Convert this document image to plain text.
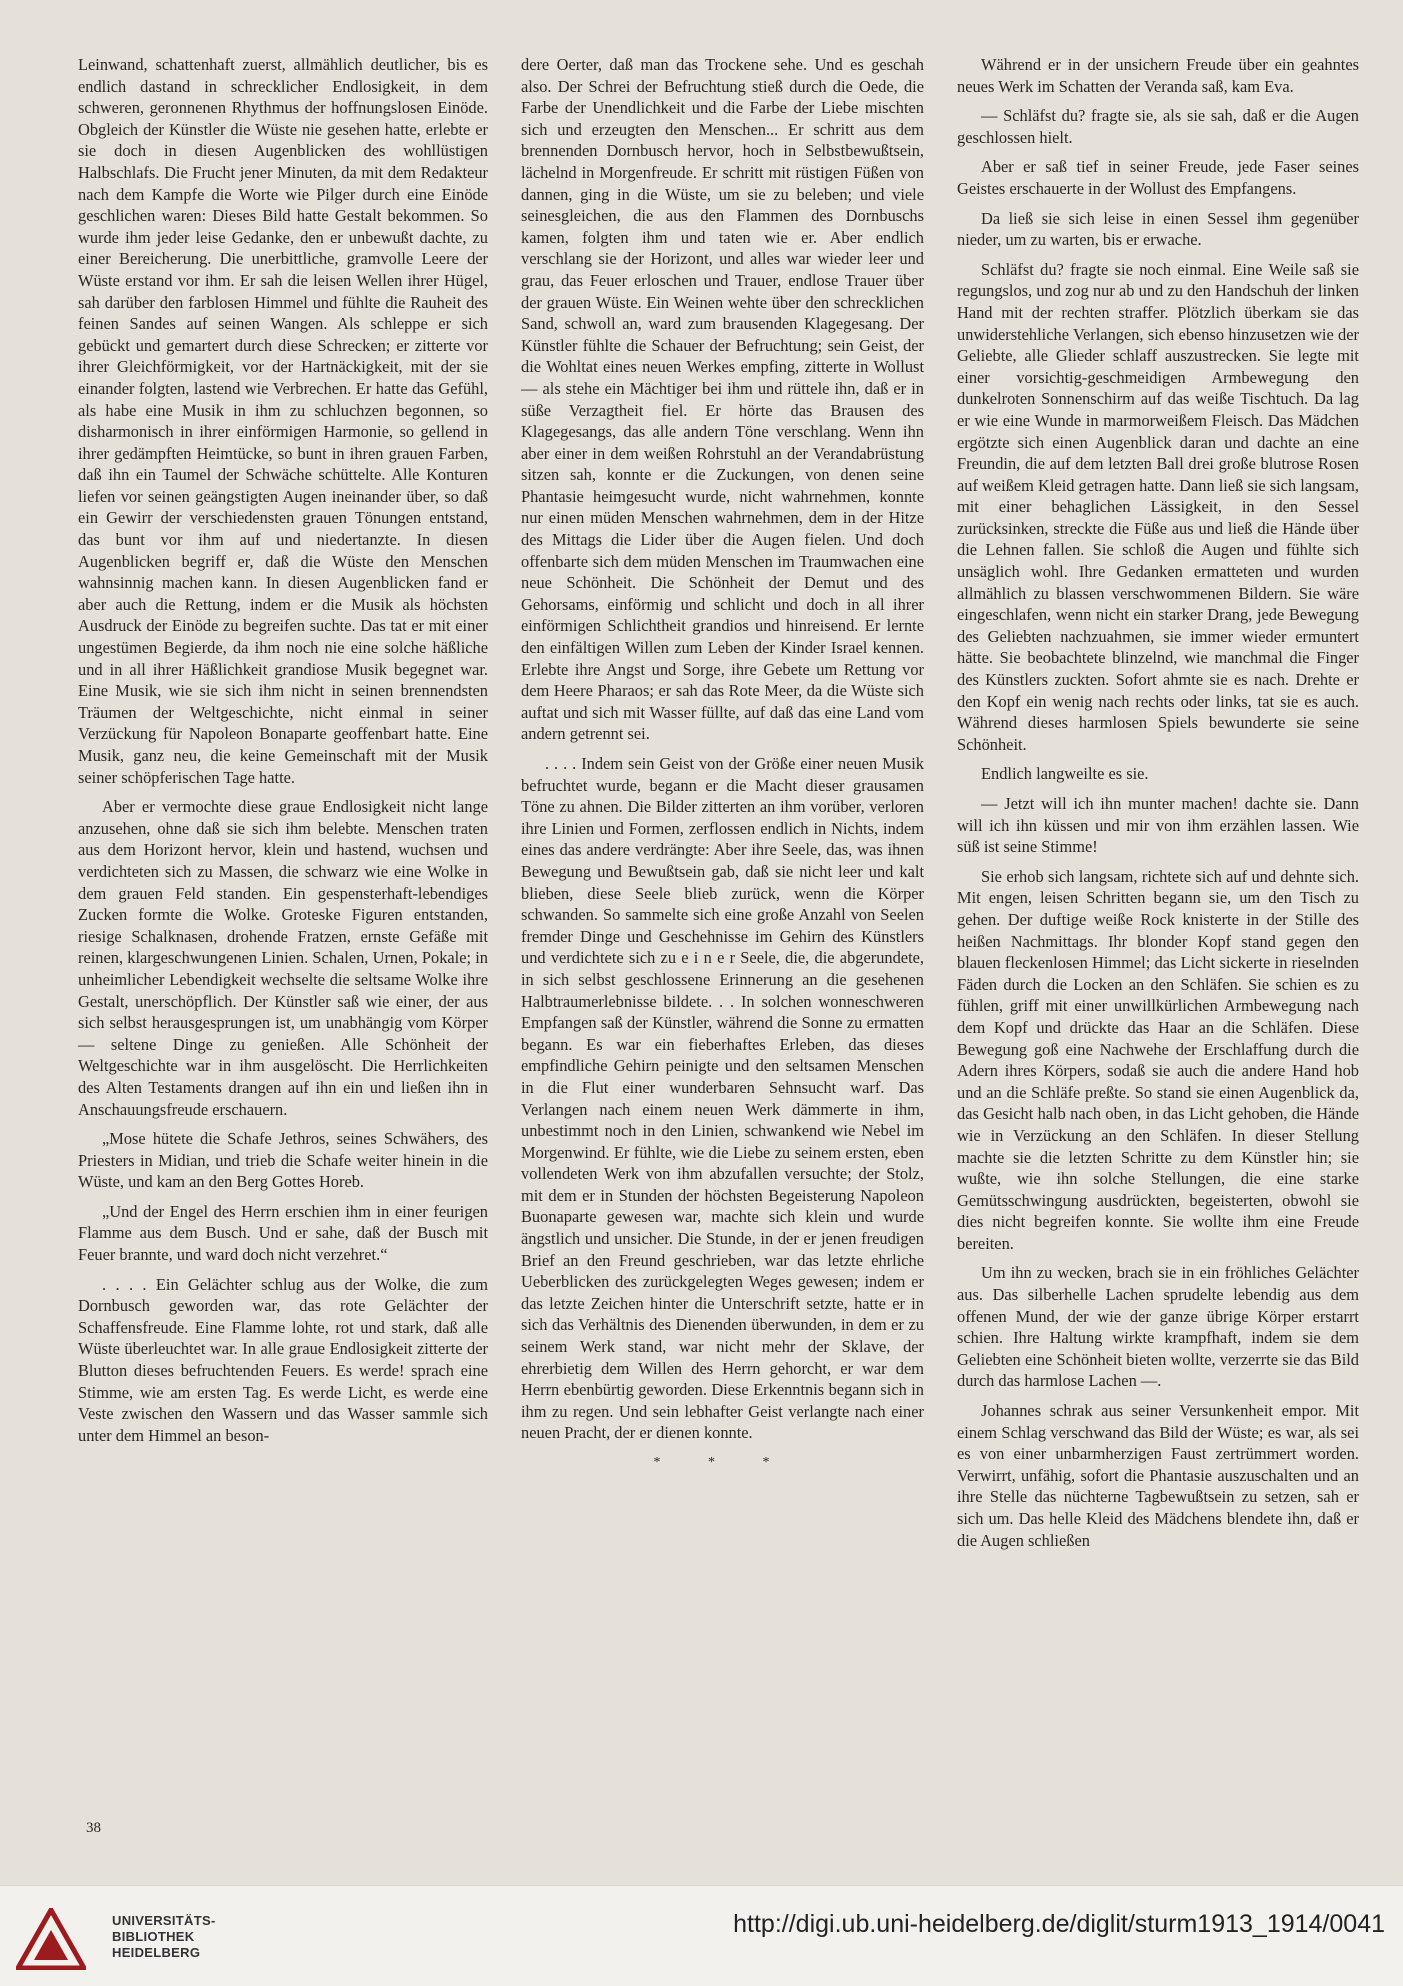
Leinwand, schattenhaft zuerst, allmählich deutlicher, bis es endlich dastand in schrecklicher Endlosigkeit, in dem schweren, geronnenen Rhythmus der hoffnungslosen Einöde. Obgleich der Künstler die Wüste nie gesehen hatte, erlebte er sie doch in diesen Augenblicken des wohllüstigen Halbschlafs. Die Frucht jener Minuten, da mit dem Redakteur nach dem Kampfe die Worte wie Pilger durch eine Einöde geschlichen waren: Dieses Bild hatte Gestalt bekommen. So wurde ihm jeder leise Gedanke, den er unbewußt dachte, zu einer Bereicherung. Die unerbittliche, gramvolle Leere der Wüste erstand vor ihm. Er sah die leisen Wellen ihrer Hügel, sah darüber den farblosen Himmel und fühlte die Rauheit des feinen Sandes auf seinen Wangen. Als schleppe er sich gebückt und gemartert durch diese Schrecken; er zitterte vor ihrer Gleichförmigkeit, vor der Hartnäckigkeit, mit der sie einander folgten, lastend wie Verbrechen. Er hatte das Gefühl, als habe eine Musik in ihm zu schluchzen begonnen, so disharmonisch in ihrer einförmigen Harmonie, so gellend in ihrer gedämpften Heimtücke, so bunt in ihren grauen Farben, daß ihn ein Taumel der Schwäche schüttelte. Alle Konturen liefen vor seinen geängstigten Augen ineinander über, so daß ein Gewirr der verschiedensten grauen Tönungen entstand, das bunt vor ihm auf und niedertanzte. In diesen Augenblicken begriff er, daß die Wüste den Menschen wahnsinnig machen kann. In diesen Augenblicken fand er aber auch die Rettung, indem er die Musik als höchsten Ausdruck der Einöde zu begreifen suchte. Das tat er mit einer ungestümen Begierde, da ihm noch nie eine solche häßliche und in all ihrer Häßlichkeit grandiose Musik begegnet war. Eine Musik, wie sie sich ihm nicht in seinen brennendsten Träumen der Weltgeschichte, nicht einmal in seiner Verzückung für Napoleon Bonaparte geoffenbart hatte. Eine Musik, ganz neu, die keine Gemeinschaft mit der Musik seiner schöpferischen Tage hatte.

Aber er vermochte diese graue Endlosigkeit nicht lange anzusehen, ohne daß sie sich ihm belebte. Menschen traten aus dem Horizont hervor, klein und hastend, wuchsen und verdichteten sich zu Massen, die schwarz wie eine Wolke in dem grauen Feld standen. Ein gespensterhaft-lebendiges Zucken formte die Wolke. Groteske Figuren entstanden, riesige Schalknasen, drohende Fratzen, ernste Gefäße mit reinen, klargeschwungenen Linien. Schalen, Urnen, Pokale; in unheimlicher Lebendigkeit wechselte die seltsame Wolke ihre Gestalt, unerschöpflich. Der Künstler saß wie einer, der aus sich selbst herausgesprungen ist, um unabhängig vom Körper — seltene Dinge zu genießen. Alle Schönheit der Weltgeschichte war in ihm ausgelöscht. Die Herrlichkeiten des Alten Testaments drangen auf ihn ein und ließen ihn in Anschauungsfreude erschauern.

„Mose hütete die Schafe Jethros, seines Schwähers, des Priesters in Midian, und trieb die Schafe weiter hinein in die Wüste, und kam an den Berg Gottes Horeb.

„Und der Engel des Herrn erschien ihm in einer feurigen Flamme aus dem Busch. Und er sahe, daß der Busch mit Feuer brannte, und ward doch nicht verzehret.“

. . . . Ein Gelächter schlug aus der Wolke, die zum Dornbusch geworden war, das rote Gelächter der Schaffensfreude. Eine Flamme lohte, rot und stark, daß alle Wüste überleuchtet war. In alle graue Endlosigkeit zitterte der Blutton dieses befruchtenden Feuers. Es werde! sprach eine Stimme, wie am ersten Tag. Es werde Licht, es werde eine Veste zwischen den Wassern und das Wasser sammle sich unter dem Himmel an beson-

dere Oerter, daß man das Trockene sehe. Und es geschah also. Der Schrei der Befruchtung stieß durch die Oede, die Farbe der Unendlichkeit und die Farbe der Liebe mischten sich und erzeugten den Menschen... Er schritt aus dem brennenden Dornbusch hervor, hoch in Selbstbewußtsein, lächelnd in Morgenfreude. Er schritt mit rüstigen Füßen von dannen, ging in die Wüste, um sie zu beleben; und viele seinesgleichen, die aus den Flammen des Dornbuschs kamen, folgten ihm und taten wie er. Aber endlich verschlang sie der Horizont, und alles war wieder leer und grau, das Feuer erloschen und Trauer, endlose Trauer über der grauen Wüste. Ein Weinen wehte über den schrecklichen Sand, schwoll an, ward zum brausenden Klagegesang. Der Künstler fühlte die Schauer der Befruchtung; sein Geist, der die Wohltat eines neuen Werkes empfing, zitterte in Wollust — als stehe ein Mächtiger bei ihm und rüttele ihn, daß er in süße Verzagtheit fiel. Er hörte das Brausen des Klagegesangs, das alle andern Töne verschlang. Wenn ihn aber einer in dem weißen Rohrstuhl an der Verandabrüstung sitzen sah, konnte er die Zuckungen, von denen seine Phantasie heimgesucht wurde, nicht wahrnehmen, konnte nur einen müden Menschen wahrnehmen, dem in der Hitze des Mittags die Lider über die Augen fielen. Und doch offenbarte sich dem müden Menschen im Traumwachen eine neue Schönheit. Die Schönheit der Demut und des Gehorsams, einförmig und schlicht und doch in all ihrer einförmigen Schlichtheit grandios und hinreisend. Er lernte den einfältigen Willen zum Leben der Kinder Israel kennen. Erlebte ihre Angst und Sorge, ihre Gebete um Rettung vor dem Heere Pharaos; er sah das Rote Meer, da die Wüste sich auftat und sich mit Wasser füllte, auf daß das eine Land vom andern getrennt sei.

. . . . Indem sein Geist von der Größe einer neuen Musik befruchtet wurde, begann er die Macht dieser grausamen Töne zu ahnen. Die Bilder zitterten an ihm vorüber, verloren ihre Linien und Formen, zerflossen endlich in Nichts, indem eines das andere verdrängte: Aber ihre Seele, das, was ihnen Bewegung und Bewußtsein gab, daß sie nicht leer und kalt blieben, diese Seele blieb zurück, wenn die Körper schwanden. So sammelte sich eine große Anzahl von Seelen fremder Dinge und Geschehnisse im Gehirn des Künstlers und verdichtete sich zu e i n e r Seele, die, die abgerundete, in sich selbst geschlossene Erinnerung an die gesehenen Halbtraumerlebnisse bildete. . . In solchen wonneschweren Empfangen saß der Künstler, während die Sonne zu ermatten begann. Es war ein fieberhaftes Erleben, das dieses empfindliche Gehirn peinigte und den seltsamen Menschen in die Flut einer wunderbaren Sehnsucht warf. Das Verlangen nach einem neuen Werk dämmerte in ihm, unbestimmt noch in den Linien, schwankend wie Nebel im Morgenwind. Er fühlte, wie die Liebe zu seinem ersten, eben vollendeten Werk von ihm abzufallen versuchte; der Stolz, mit dem er in Stunden der höchsten Begeisterung Napoleon Buonaparte gewesen war, machte sich klein und wurde ängstlich und unsicher. Die Stunde, in der er jenen freudigen Brief an den Freund geschrieben, war das letzte ehrliche Ueberblicken des zurückgelegten Weges gewesen; indem er das letzte Zeichen hinter die Unterschrift setzte, hatte er in sich das Verhältnis des Dienenden überwunden, in dem er zu seinem Werk stand, war nicht mehr der Sklave, der ehrerbietig dem Willen des Herrn gehorcht, er war dem Herrn ebenbürtig geworden. Diese Erkenntnis begann sich in ihm zu regen. Und sein lebhafter Geist verlangte nach einer neuen Pracht, der er dienen konnte.

* * *

Während er in der unsichern Freude über ein geahntes neues Werk im Schatten der Veranda saß, kam Eva.

— Schläfst du? fragte sie, als sie sah, daß er die Augen geschlossen hielt.

Aber er saß tief in seiner Freude, jede Faser seines Geistes erschauerte in der Wollust des Empfangens.

Da ließ sie sich leise in einen Sessel ihm gegenüber nieder, um zu warten, bis er erwache.

Schläfst du? fragte sie noch einmal. Eine Weile saß sie regungslos, und zog nur ab und zu den Handschuh der linken Hand mit der rechten straffer. Plötzlich überkam sie das unwiderstehliche Verlangen, sich ebenso hinzusetzen wie der Geliebte, alle Glieder schlaff auszustrecken. Sie legte mit einer vorsichtig-geschmeidigen Armbewegung den dunkelroten Sonnenschirm auf das weiße Tischtuch. Da lag er wie eine Wunde in marmorweißem Fleisch. Das Mädchen ergötzte sich einen Augenblick daran und dachte an eine Freundin, die auf dem letzten Ball drei große blutrose Rosen auf weißem Kleid getragen hatte. Dann ließ sie sich langsam, mit einer behaglichen Lässigkeit, in den Sessel zurücksinken, streckte die Füße aus und ließ die Hände über die Lehnen fallen. Sie schloß die Augen und fühlte sich unsäglich wohl. Ihre Gedanken ermatteten und wurden allmählich zu blassen verschwommenen Bildern. Sie wäre eingeschlafen, wenn nicht ein starker Drang, jede Bewegung des Geliebten nachzuahmen, sie immer wieder ermuntert hätte. Sie beobachtete blinzelnd, wie manchmal die Finger des Künstlers zuckten. Sofort ahmte sie es nach. Drehte er den Kopf ein wenig nach rechts oder links, tat sie es auch. Während dieses harmlosen Spiels bewunderte sie seine Schönheit.

Endlich langweilte es sie.

— Jetzt will ich ihn munter machen! dachte sie. Dann will ich ihn küssen und mir von ihm erzählen lassen. Wie süß ist seine Stimme!

Sie erhob sich langsam, richtete sich auf und dehnte sich. Mit engen, leisen Schritten begann sie, um den Tisch zu gehen. Der duftige weiße Rock knisterte in der Stille des heißen Nachmittags. Ihr blonder Kopf stand gegen den blauen fleckenlosen Himmel; das Licht sickerte in rieselnden Fäden durch die Locken an den Schläfen. Sie schien es zu fühlen, griff mit einer unwillkürlichen Armbewegung nach dem Kopf und drückte das Haar an die Schläfen. Diese Bewegung goß eine Nachwehe der Erschlaffung durch die Adern ihres Körpers, sodaß sie auch die andere Hand hob und an die Schläfe preßte. So stand sie einen Augenblick da, das Gesicht halb nach oben, in das Licht gehoben, die Hände wie in Verzückung an den Schläfen. In dieser Stellung machte sie die letzten Schritte zu dem Künstler hin; sie wußte, wie ihn solche Stellungen, die eine starke Gemütsschwingung ausdrückten, begeisterten, obwohl sie dies nicht begreifen konnte. Sie wollte ihm eine Freude bereiten.

Um ihn zu wecken, brach sie in ein fröhliches Gelächter aus. Das silberhelle Lachen sprudelte lebendig aus dem offenen Mund, der wie der ganze übrige Körper erstarrt schien. Ihre Haltung wirkte krampfhaft, indem sie dem Geliebten eine Schönheit bieten wollte, verzerrte sie das Bild durch das harmlose Lachen —.

Johannes schrak aus seiner Versunkenheit empor. Mit einem Schlag verschwand das Bild der Wüste; es war, als sei es von einer unbarmherzigen Faust zertrümmert worden. Verwirrt, unfähig, sofort die Phantasie auszuschalten und an ihre Stelle das nüchterne Tagbewußtsein zu setzen, sah er sich um. Das helle Kleid des Mädchens blendete ihn, daß er die Augen schließen

38
UNIVERSITÄTS-
BIBLIOTHEK
HEIDELBERG
http://digi.ub.uni-heidelberg.de/diglit/sturm1913_1914/0041
